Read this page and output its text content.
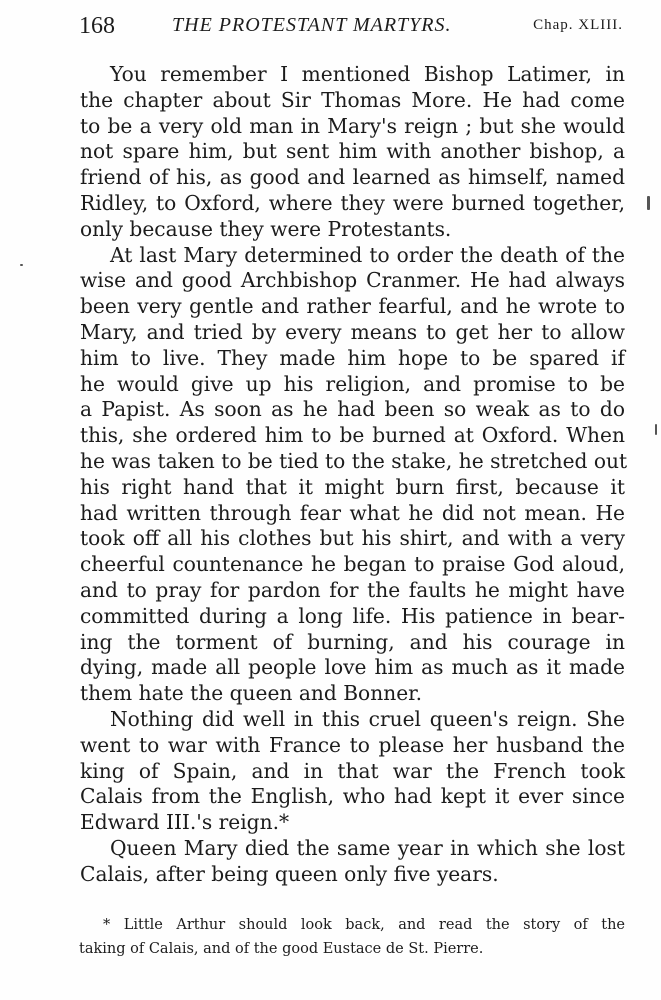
168	THE PROTESTANT MARTYRS.	Chap. XLIII.
You remember I mentioned Bishop Latimer, in
the chapter about Sir Thomas More. He had come
to be a very old man in Mary's reign ; but she would
not spare him, but sent him with another bishop, a
friend of his, as good and learned as himself, named
Ridley, to Oxford, where they were burned together,
only because they were Protestants.
At last Mary determined to order the death of the
wise and good Archbishop Cranmer. He had always
been very gentle and rather fearful, and he wrote to
Mary, and tried by every means to get her to allow
him to live. They made him hope to be spared if
he would give up his religion, and promise to be
a Papist. As soon as he had been so weak as to do
this, she ordered him to be burned at Oxford. When
he was taken to be tied to the stake, he stretched out
his right hand that it might burn first, because it
had written through fear what he did not mean. He
took off all his clothes but his shirt, and with a very
cheerful countenance he began to praise God aloud,
and to pray for pardon for the faults he might have
committed during a long life. His patience in bear-
ing the torment of burning, and his courage in
dying, made all people love him as much as it made
them hate the queen and Bonner.
Nothing did well in this cruel queen's reign. She
went to war with France to please her husband the
king of Spain, and in that war the French took
Calais from the English, who had kept it ever since
Edward III.'s reign.*
Queen Mary died the same year in which she lost
Calais, after being queen only five years.
* Little Arthur should look back, and read the story of the
taking of Calais, and of the good Eustace de St. Pierre.
